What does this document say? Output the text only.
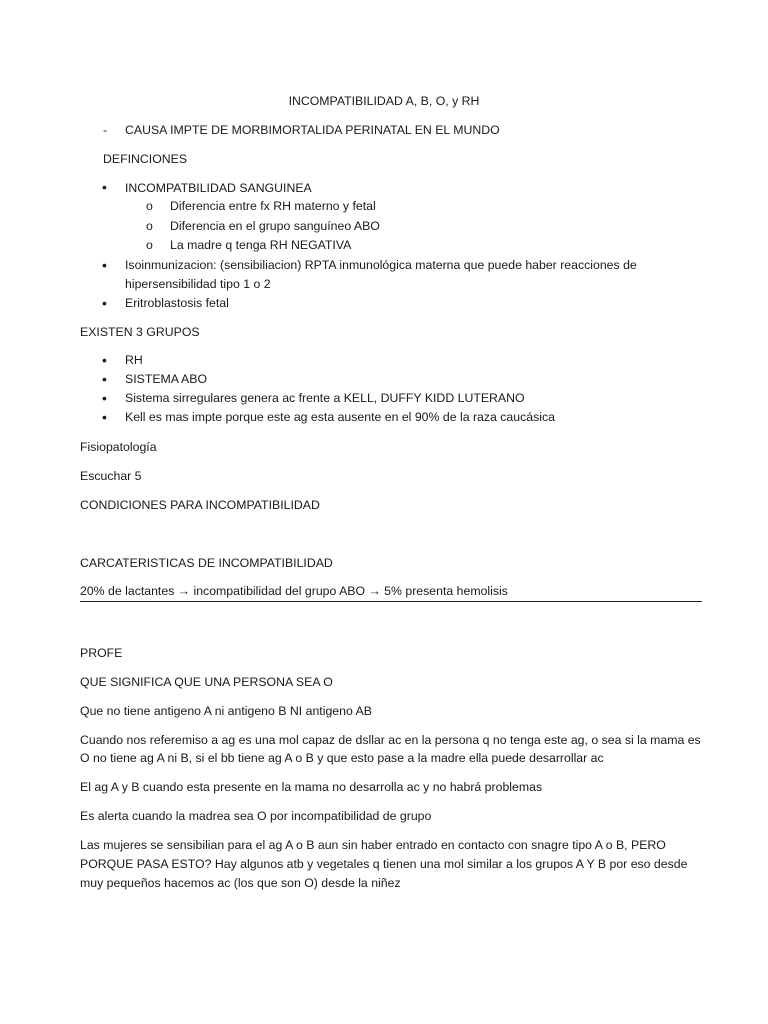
INCOMPATIBILIDAD A, B, O, y RH
- CAUSA IMPTE DE MORBIMORTALIDA PERINATAL EN EL MUNDO
DEFINCIONES
• INCOMPATBILIDAD SANGUINEA
o Diferencia entre fx RH materno y fetal
o Diferencia en el grupo sanguíneo ABO
o La madre q tenga RH NEGATIVA
• Isoinmunizacion: (sensibiliacion) RPTA inmunológica materna que puede haber reacciones de
hipersensibilidad tipo 1 o 2
• Eritroblastosis fetal
EXISTEN 3 GRUPOS
• RH
• SISTEMA ABO
• Sistema sirregulares genera ac frente a KELL, DUFFY KIDD LUTERANO
• Kell es mas impte porque este ag esta ausente en el 90% de la raza caucásica
Fisiopatología
Escuchar 5
CONDICIONES PARA INCOMPATIBILIDAD
CARCATERISTICAS DE INCOMPATIBILIDAD
20% de lactantes → incompatibilidad del grupo ABO → 5% presenta hemolisis
PROFE
QUE SIGNIFICA QUE UNA PERSONA SEA O
Que no tiene antigeno A ni antigeno B NI antigeno AB
Cuando nos referemiso a ag es una mol capaz de dsllar ac en la persona q no tenga este ag, o sea si la mama es
O no tiene ag A ni B, si el bb tiene ag A o B y que esto pase a la madre ella puede desarrollar ac
El ag A y B cuando esta presente en la mama no desarrolla ac y no habrá problemas
Es alerta cuando la madrea sea O por incompatibilidad de grupo
Las mujeres se sensibilian para el ag A o B aun sin haber entrado en contacto con snagre tipo A o B, PERO
PORQUE PASA ESTO? Hay algunos atb y vegetales q tienen una mol similar a los grupos A Y B por eso desde
muy pequeños hacemos ac (los que son O) desde la niñez
